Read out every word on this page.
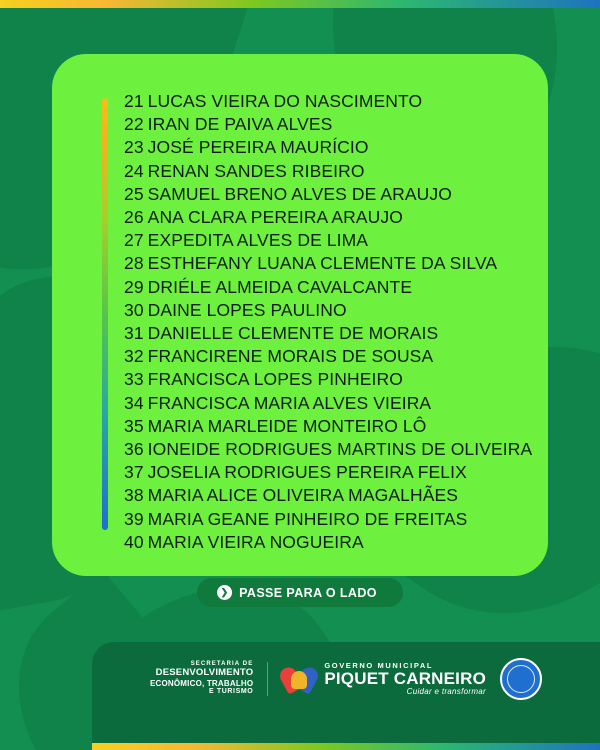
21 LUCAS VIEIRA DO NASCIMENTO
22 IRAN DE PAIVA ALVES
23 JOSÉ PEREIRA MAURÍCIO
24 RENAN SANDES RIBEIRO
25 SAMUEL BRENO ALVES DE ARAUJO
26 ANA CLARA PEREIRA ARAUJO
27 EXPEDITA ALVES DE LIMA
28 ESTHEFANY LUANA CLEMENTE DA SILVA
29 DRIÉLE ALMEIDA CAVALCANTE
30 DAINE LOPES PAULINO
31 DANIELLE CLEMENTE DE MORAIS
32 FRANCIRENE MORAIS DE SOUSA
33 FRANCISCA LOPES PINHEIRO
34 FRANCISCA MARIA ALVES VIEIRA
35 MARIA MARLEIDE MONTEIRO LÔ
36 IONEIDE RODRIGUES MARTINS DE OLIVEIRA
37 JOSELIA RODRIGUES PEREIRA FELIX
38 MARIA ALICE OLIVEIRA MAGALHÃES
39 MARIA GEANE PINHEIRO DE FREITAS
40 MARIA VIEIRA NOGUEIRA
❯ PASSE PARA O LADO
SECRETARIA DE
DESENVOLVIMENTO
ECONÔMICO, TRABALHO
E TURISMO
GOVERNO MUNICIPAL
PIQUET CARNEIRO
Cuidar e transformar
